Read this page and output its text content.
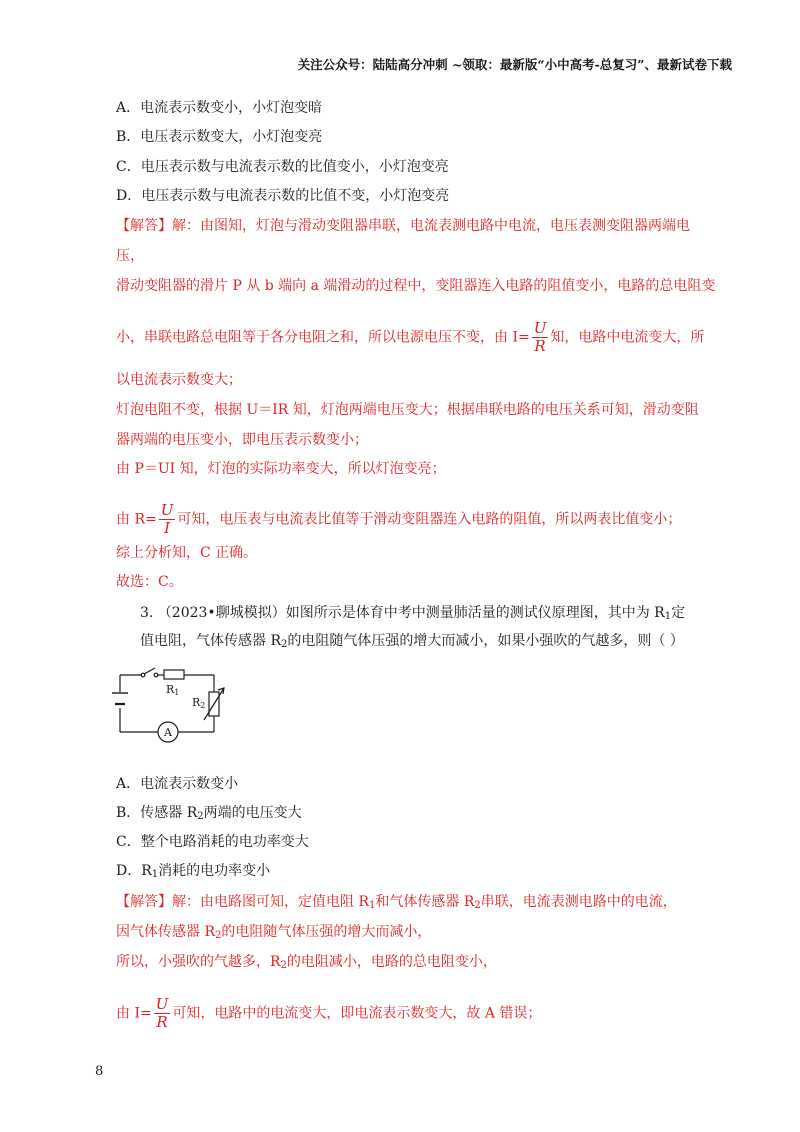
关注公众号：陆陆高分冲刺 ~领取：最新版“小中高考-总复习”、最新试卷下载
A．电流表示数变小，小灯泡变暗
B．电压表示数变大，小灯泡变亮
C．电压表示数与电流表示数的比值变小，小灯泡变亮
D．电压表示数与电流表示数的比值不变，小灯泡变亮
【解答】解：由图知，灯泡与滑动变阻器串联，电流表测电路中电流，电压表测变阻器两端电
压，
滑动变阻器的滑片 P 从 b 端向 a 端滑动的过程中，变阻器连入电路的阻值变小，电路的总电阻变
小，串联电路总电阻等于各分电阻之和，所以电源电压不变，由 $I= \frac{U}{R}$ 知，电路中电流变大，所
以电流表示数变大；
灯泡电阻不变，根据 U＝IR 知，灯泡两端电压变大；根据串联电路的电压关系可知，滑动变阻
器两端的电压变小，即电压表示数变小；
由 P＝UI 知，灯泡的实际功率变大，所以灯泡变亮；
由 $R= \frac{U}{I}$ 可知，电压表与电流表比值等于滑动变阻器连入电路的阻值，所以两表比值变小；
综上分析知，C 正确。
故选：C。
3. （2023•聊城模拟）如图所示是体育中考中测量肺活量的测试仪原理图，其中为 $R_1$定
值电阻，气体传感器 $R_2$的电阻随气体压强的增大而减小，如果小强吹的气越多，则（ ）
R1
R2
A
A．电流表示数变小
B．传感器 $R_2$两端的电压变大
C．整个电路消耗的电功率变大
D．$R_1$消耗的电功率变小
【解答】解：由电路图可知，定值电阻 $R_1$和气体传感器 $R_2$串联，电流表测电路中的电流，
因气体传感器 $R_2$的电阻随气体压强的增大而减小，
所以，小强吹的气越多，$R_2$的电阻减小，电路的总电阻变小，
由 $I= \frac{U}{R}$ 可知，电路中的电流变大，即电流表示数变大，故 A 错误；
8
